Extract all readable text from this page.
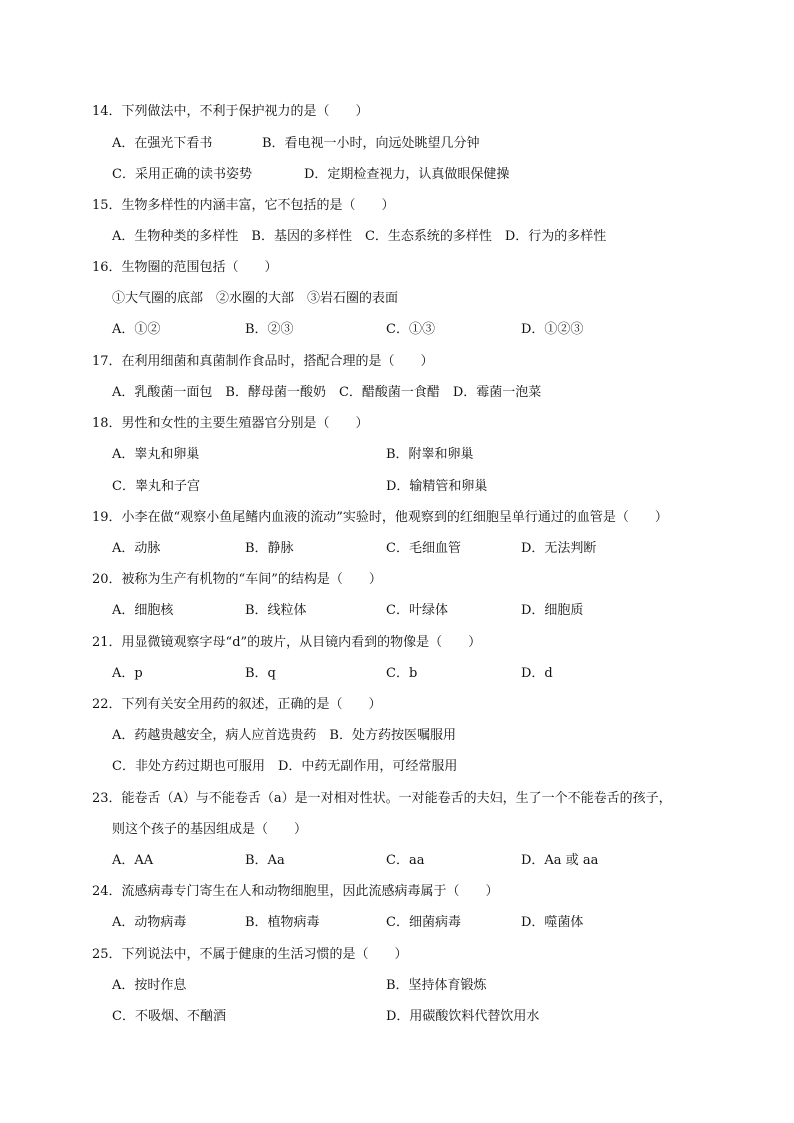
14．下列做法中，不利于保护视力的是（　　）
A．在强光下看书	B．看电视一小时，向远处眺望几分钟
C．采用正确的读书姿势	D．定期检查视力，认真做眼保健操
15．生物多样性的内涵丰富，它不包括的是（　　）
A．生物种类的多样性　B．基因的多样性　C．生态系统的多样性　D．行为的多样性
16．生物圈的范围包括（　　）
①大气圈的底部　②水圈的大部　③岩石圈的表面
A．①②	B．②③	C．①③	D．①②③
17．在利用细菌和真菌制作食品时，搭配合理的是（　　）
A．乳酸菌一面包　B．酵母菌一酸奶　C．醋酸菌一食醋　D．霉菌一泡菜
18．男性和女性的主要生殖器官分别是（　　）
A．睾丸和卵巢	B．附睾和卵巢
C．睾丸和子宫	D．输精管和卵巢
19．小李在做“观察小鱼尾鳍内血液的流动”实验时，他观察到的红细胞呈单行通过的血管是（　　）
A．动脉	B．静脉	C．毛细血管	D．无法判断
20．被称为生产有机物的“车间”的结构是（　　）
A．细胞核	B．线粒体	C．叶绿体	D．细胞质
21．用显微镜观察字母“d”的玻片，从目镜内看到的物像是（　　）
A．p	B．q	C．b	D．d
22．下列有关安全用药的叙述，正确的是（　　）
A．药越贵越安全，病人应首选贵药　B．处方药按医嘱服用
C．非处方药过期也可服用　D．中药无副作用，可经常服用
23．能卷舌（A）与不能卷舌（a）是一对相对性状。一对能卷舌的夫妇，生了一个不能卷舌的孩子，
则这个孩子的基因组成是（　　）
A．AA	B．Aa	C．aa	D．Aa 或 aa
24．流感病毒专门寄生在人和动物细胞里，因此流感病毒属于（　　）
A．动物病毒	B．植物病毒	C．细菌病毒	D．噬菌体
25．下列说法中，不属于健康的生活习惯的是（　　）
A．按时作息	B．坚持体育锻炼
C．不吸烟、不酗酒	D．用碳酸饮料代替饮用水
